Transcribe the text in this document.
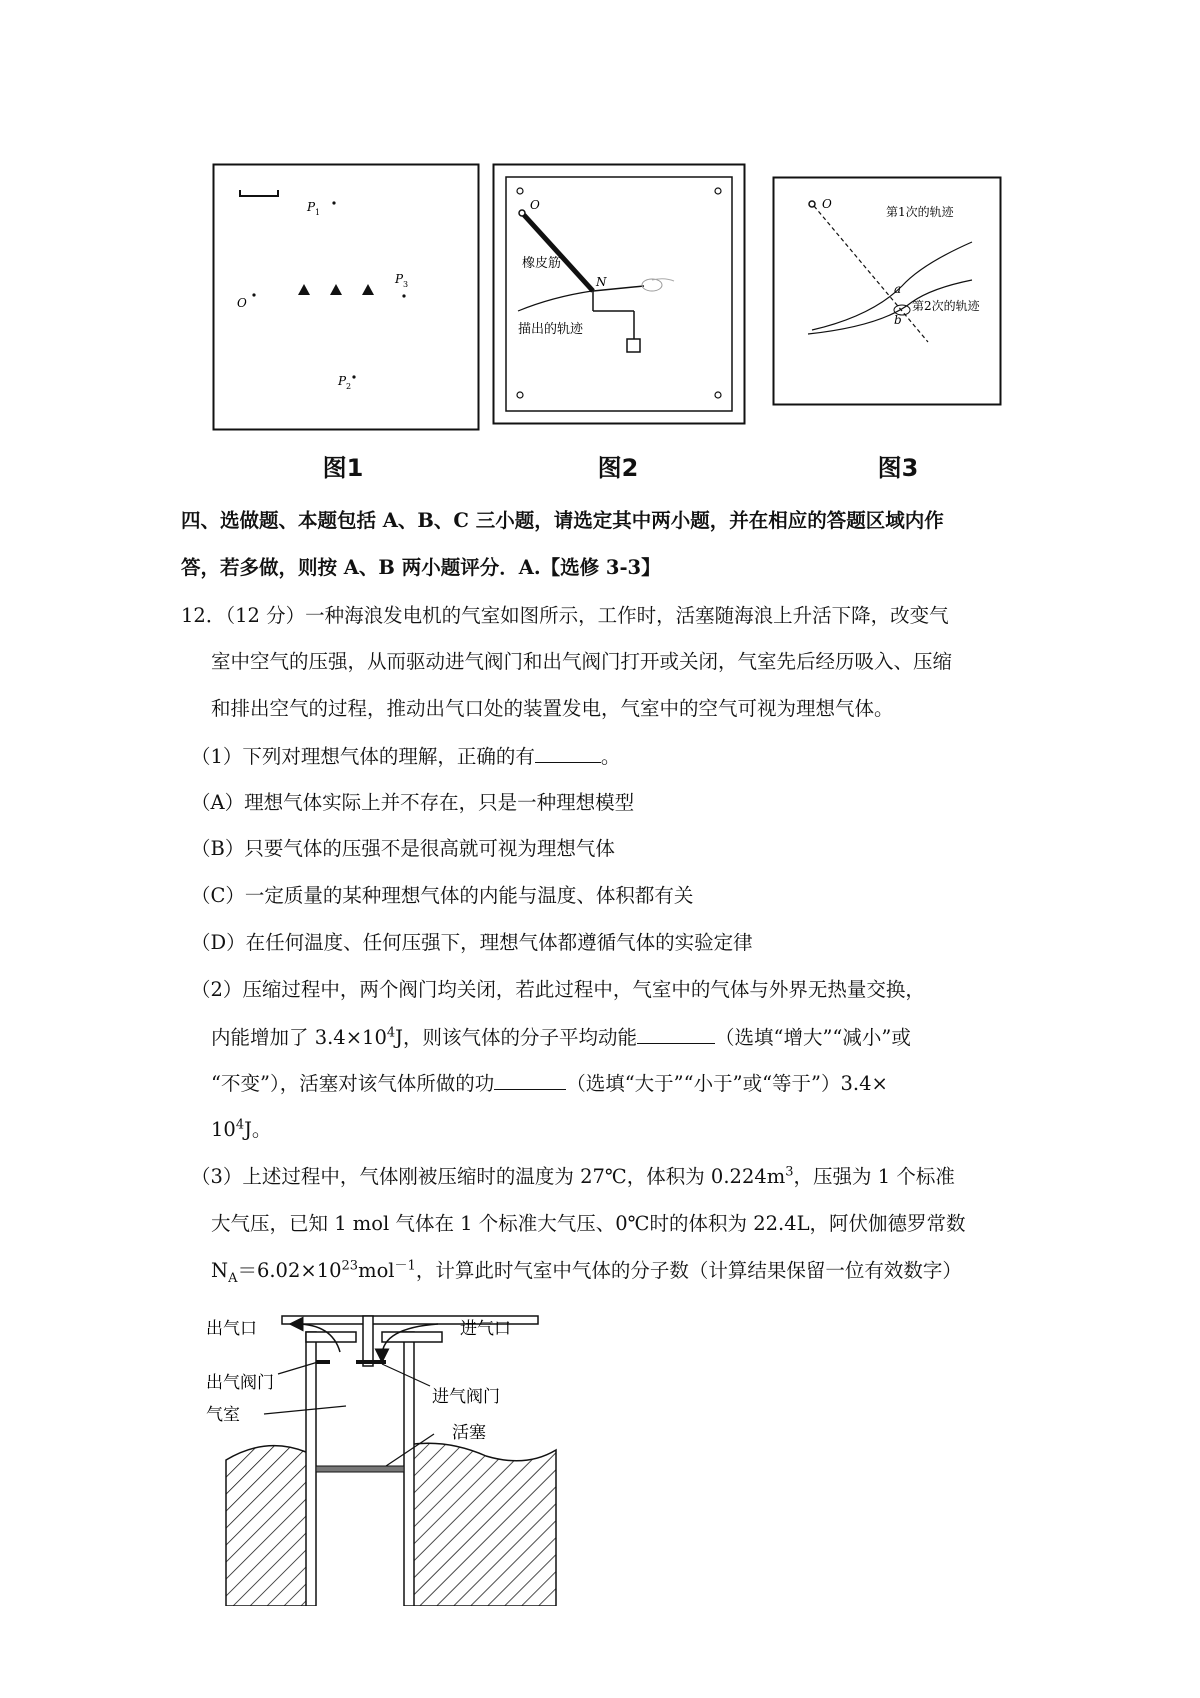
P 1
O
P 3
P 2
O
N
橡皮筋
描出的轨迹
O
第1次的轨迹
第2次的轨迹
a
b
图1	图2	图3
四、选做题、本题包括 A、B、C 三小题，请选定其中两小题，并在相应的答题区域内作
答，若多做，则按 A、B 两小题评分．A.【选修 3-3】
12．（12 分）一种海浪发电机的气室如图所示，工作时，活塞随海浪上升活下降，改变气
室中空气的压强，从而驱动进气阀门和出气阀门打开或关闭，气室先后经历吸入、压缩
和排出空气的过程，推动出气口处的装置发电，气室中的空气可视为理想气体。
（1）下列对理想气体的理解，正确的有	。
（A）理想气体实际上并不存在，只是一种理想模型
（B）只要气体的压强不是很高就可视为理想气体
（C）一定质量的某种理想气体的内能与温度、体积都有关
（D）在任何温度、任何压强下，理想气体都遵循气体的实验定律
（2）压缩过程中，两个阀门均关闭，若此过程中，气室中的气体与外界无热量交换，
内能增加了 $3.4\times 10^4J$，则该气体的分子平均动能	（选填“增大”“减小”或
“不变”），活塞对该气体所做的功	（选填“大于”“小于”或“等于”）3.4×
$10^4J$。
（3）上述过程中，气体刚被压缩时的温度为 27℃，体积为 $0.224m^3$，压强为 1 个标准
大气压，已知 1 mol 气体在 1 个标准大气压、0℃时的体积为 22.4L，阿伏伽德罗常数
$N_A=6.02\times 10^{23}mol^{-1}$，计算此时气室中气体的分子数（计算结果保留一位有效数字）
出气口	进气口
出气阀门
进气阀门
气室
活塞
